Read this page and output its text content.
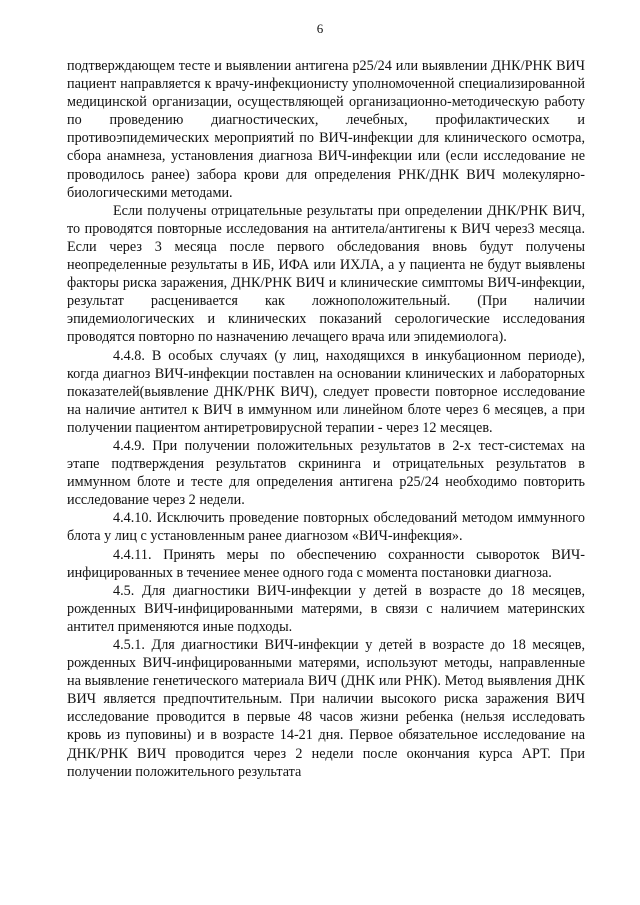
6

подтверждающем тесте и выявлении антигена р25/24 или выявлении ДНК/РНК ВИЧ пациент направляется к врачу-инфекционисту уполномоченной специализированной медицинской организации, осуществляющей организационно-методическую работу по проведению диагностических, лечебных, профилактических и противоэпидемических мероприятий по ВИЧ-инфекции для клинического осмотра, сбора анамнеза, установления диагноза ВИЧ-инфекции или (если исследование не проводилось ранее) забора крови для определения РНК/ДНК ВИЧ молекулярно-биологическими методами.

Если получены отрицательные результаты при определении ДНК/РНК ВИЧ, то проводятся повторные исследования на антитела/антигены к ВИЧ через3 месяца. Если через 3 месяца после первого обследования вновь будут получены неопределенные результаты в ИБ, ИФА или ИХЛА, а у пациента не будут выявлены факторы риска заражения, ДНК/РНК ВИЧ и клинические симптомы ВИЧ-инфекции, результат расценивается как ложноположительный. (При наличии эпидемиологических и клинических показаний серологические исследования проводятся повторно по назначению лечащего врача или эпидемиолога).

4.4.8. В особых случаях (у лиц, находящихся в инкубационном периоде), когда диагноз ВИЧ-инфекции поставлен на основании клинических и лабораторных показателей(выявление ДНК/РНК ВИЧ), следует провести повторное исследование на наличие антител к ВИЧ в иммунном или линейном блоте через 6 месяцев, а при получении пациентом антиретровирусной терапии - через 12 месяцев.

4.4.9. При получении положительных результатов в 2-х тест-системах на этапе подтверждения результатов скрининга и отрицательных результатов в иммунном блоте и тесте для определения антигена р25/24 необходимо повторить исследование через 2 недели.

4.4.10. Исключить проведение повторных обследований методом иммунного блота у лиц с установленным ранее диагнозом «ВИЧ-инфекция».

4.4.11. Принять меры по обеспечению сохранности сывороток ВИЧ-инфицированных в течениее менее одного года с момента постановки диагноза.

4.5. Для диагностики ВИЧ-инфекции у детей в возрасте до 18 месяцев, рожденных ВИЧ-инфицированными матерями, в связи с наличием материнских антител применяются иные подходы.

4.5.1. Для диагностики ВИЧ-инфекции у детей в возрасте до 18 месяцев, рожденных ВИЧ-инфицированными матерями, используют методы, направленные на выявление генетического материала ВИЧ (ДНК или РНК). Метод выявления ДНК ВИЧ является предпочтительным. При наличии высокого риска заражения ВИЧ исследование проводится в первые 48 часов жизни ребенка (нельзя исследовать кровь из пуповины) и в возрасте 14-21 дня. Первое обязательное исследование на ДНК/РНК ВИЧ проводится через 2 недели после окончания курса АРТ. При получении положительного результата
